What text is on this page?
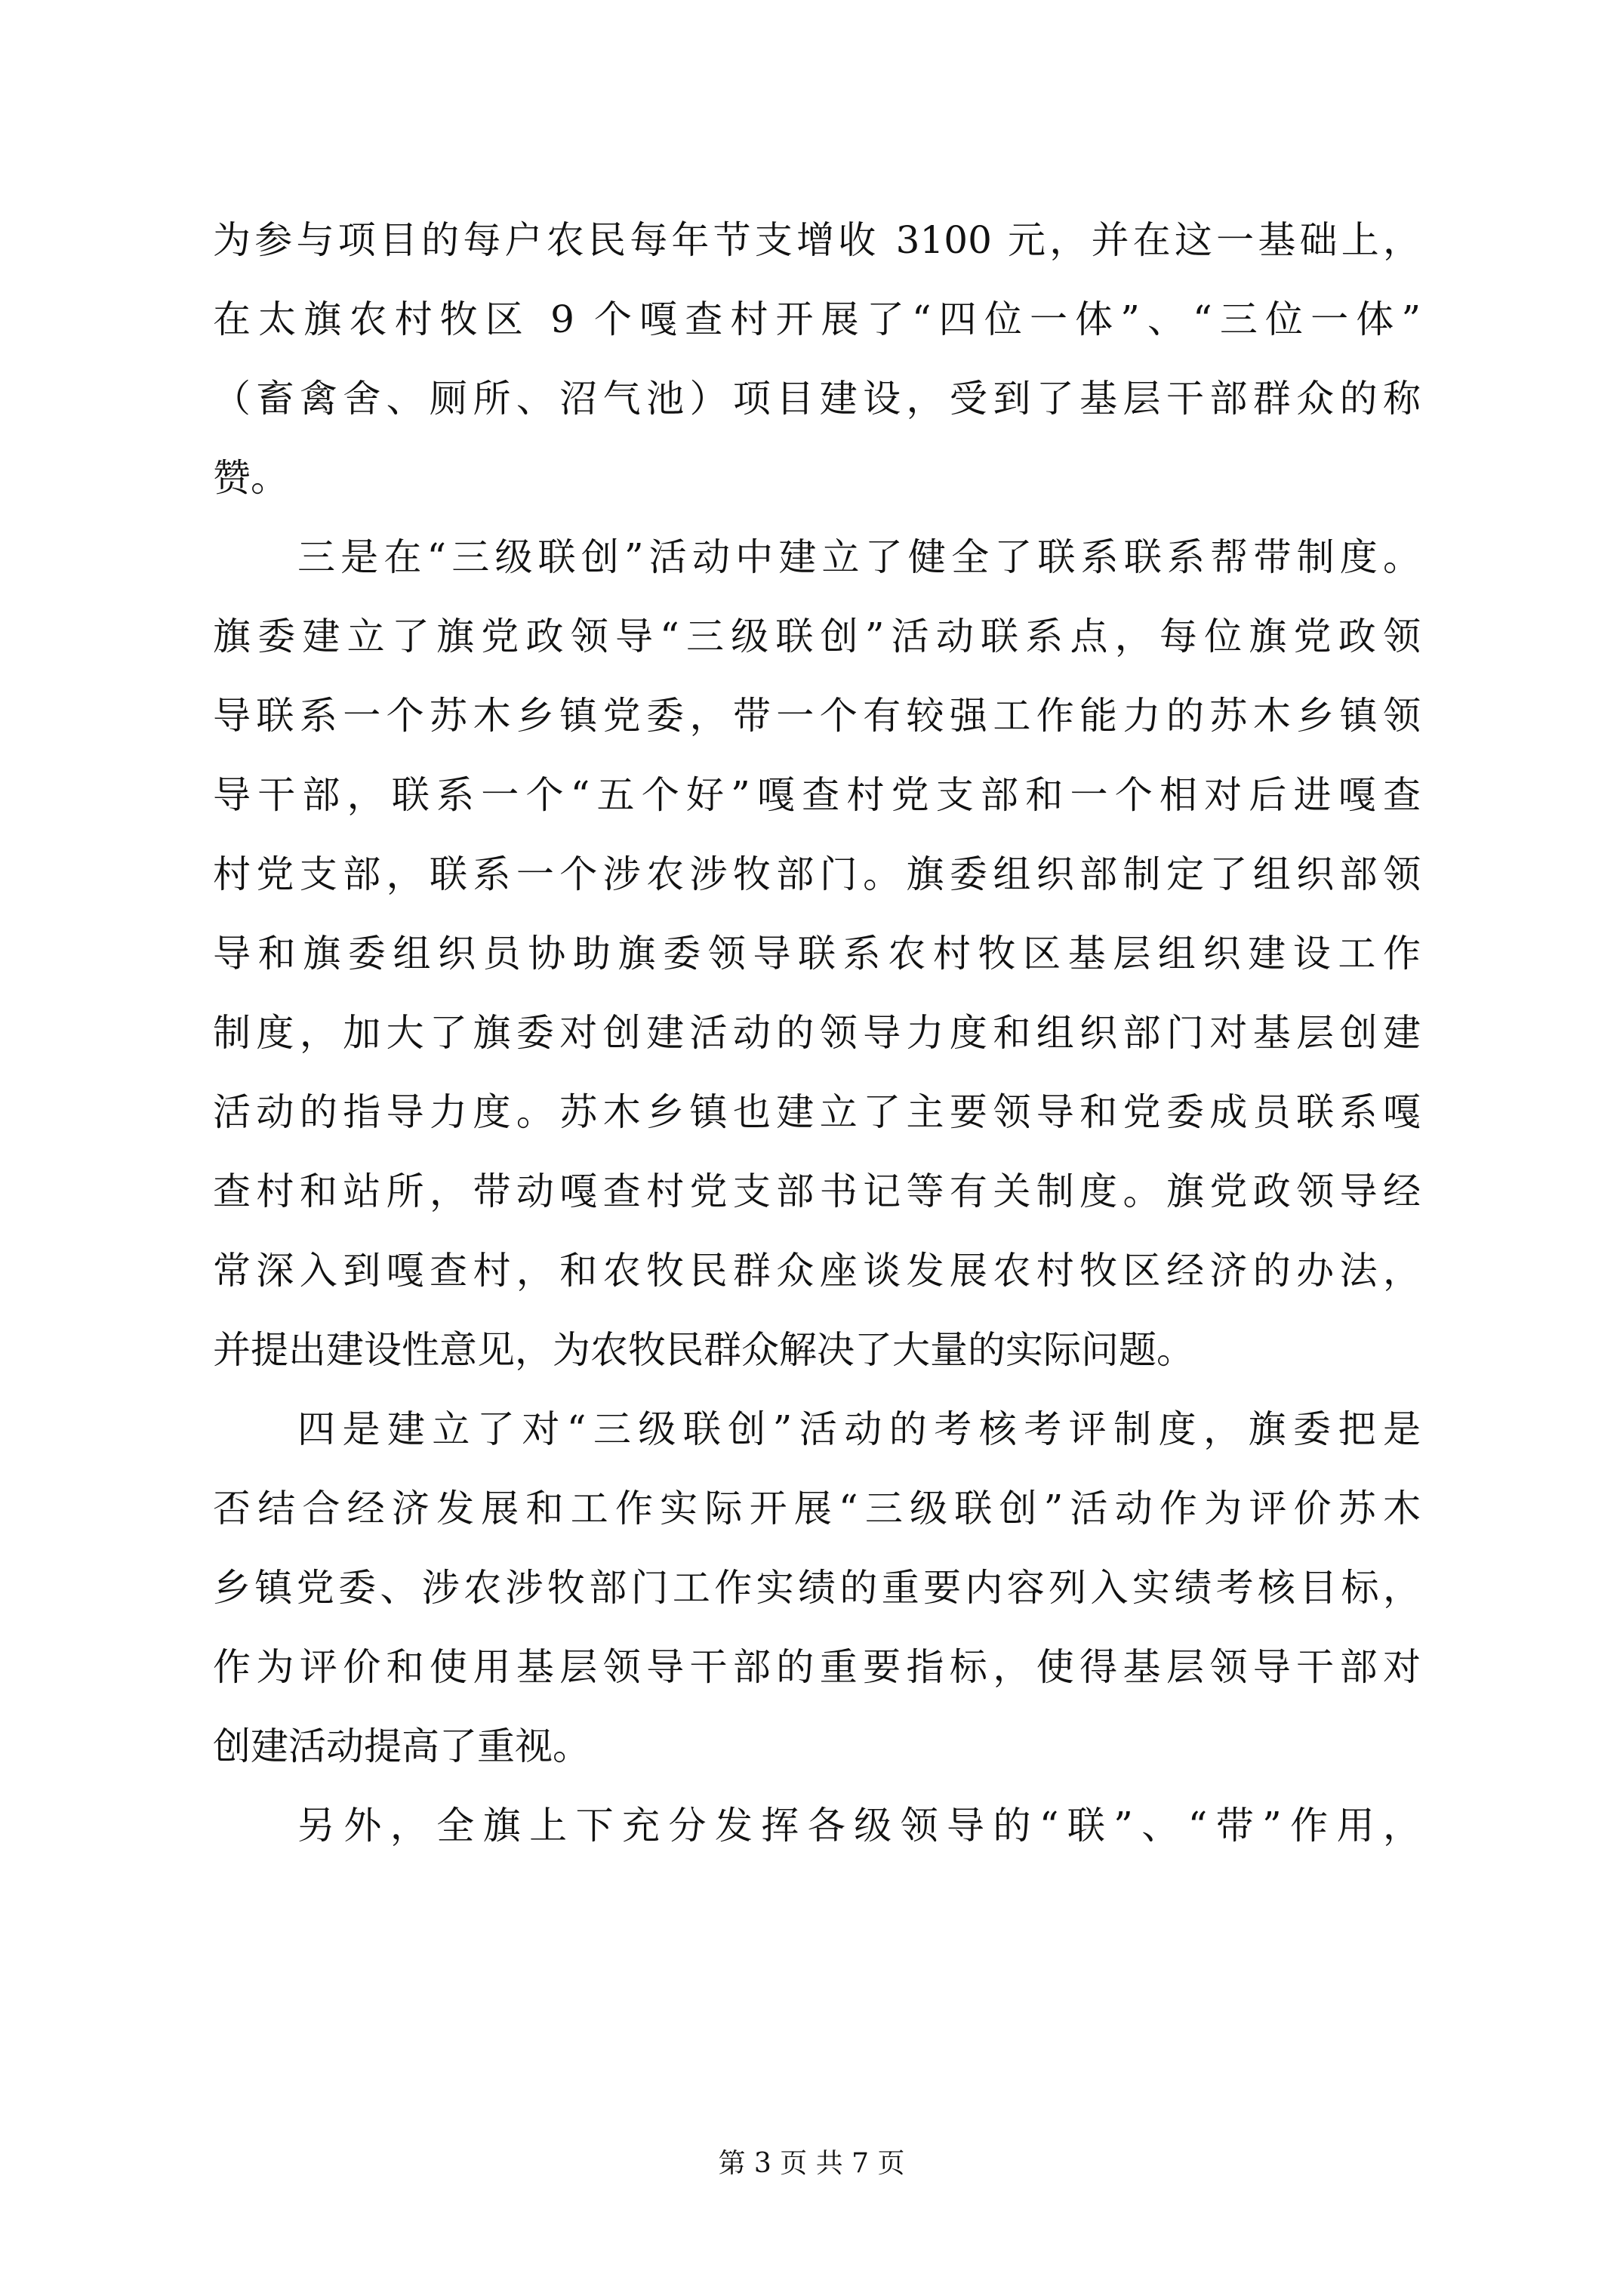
为参与项目的每户农民每年节支增收 3100 元，并在这一基础上，
在太旗农村牧区 9 个嘎查村开展了“四位一体”、“三位一体”
（畜禽舍、厕所、沼气池）项目建设，受到了基层干部群众的称
赞。
三是在“三级联创”活动中建立了健全了联系联系帮带制度。
旗委建立了旗党政领导“三级联创”活动联系点，每位旗党政领
导联系一个苏木乡镇党委，带一个有较强工作能力的苏木乡镇领
导干部，联系一个“五个好”嘎查村党支部和一个相对后进嘎查
村党支部，联系一个涉农涉牧部门。旗委组织部制定了组织部领
导和旗委组织员协助旗委领导联系农村牧区基层组织建设工作
制度，加大了旗委对创建活动的领导力度和组织部门对基层创建
活动的指导力度。苏木乡镇也建立了主要领导和党委成员联系嘎
查村和站所，带动嘎查村党支部书记等有关制度。旗党政领导经
常深入到嘎查村，和农牧民群众座谈发展农村牧区经济的办法，
并提出建设性意见，为农牧民群众解决了大量的实际问题。
四是建立了对“三级联创”活动的考核考评制度，旗委把是
否结合经济发展和工作实际开展“三级联创”活动作为评价苏木
乡镇党委、涉农涉牧部门工作实绩的重要内容列入实绩考核目标，
作为评价和使用基层领导干部的重要指标，使得基层领导干部对
创建活动提高了重视。
另外，全旗上下充分发挥各级领导的“联”、“带”作用，
第 3 页 共 7 页
